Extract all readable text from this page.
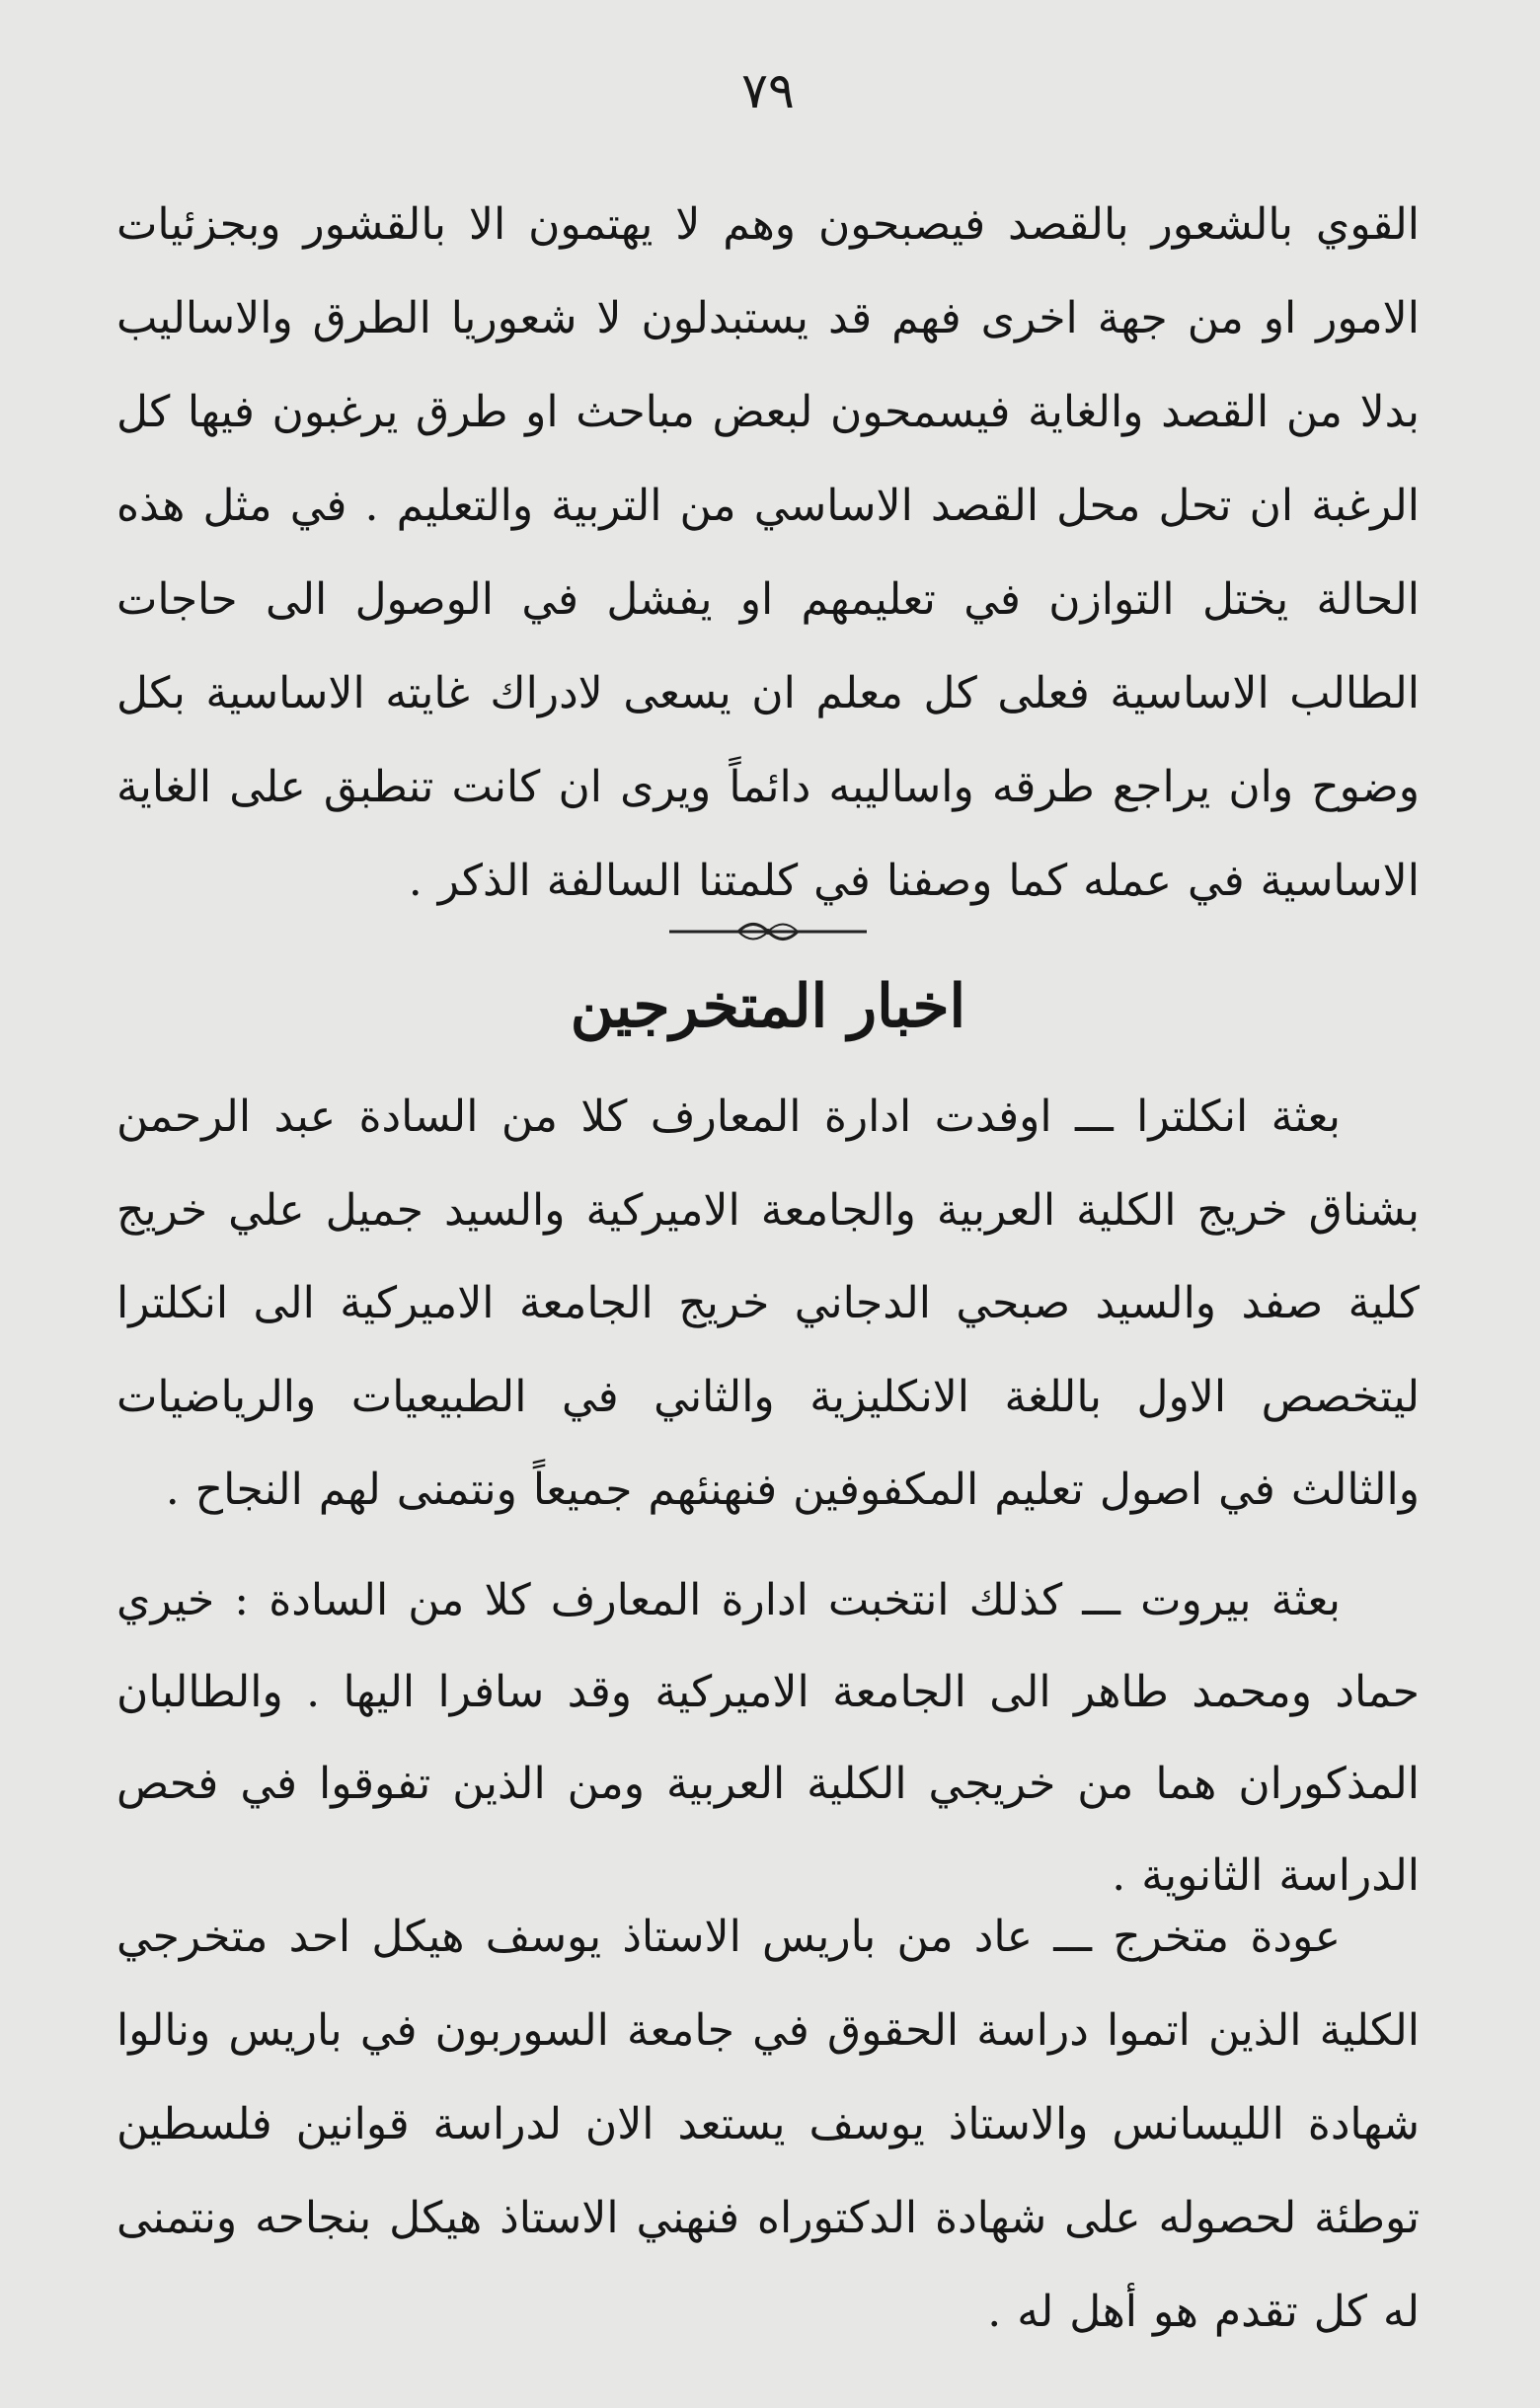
٧٩

القوي بالشعور بالقصد فيصبحون وهم لا يهتمون الا بالقشور وبجزئيات الامور او من جهة اخرى فهم قد يستبدلون لا شعوريا الطرق والاساليب بدلا من القصد والغاية فيسمحون لبعض مباحث او طرق يرغبون فيها كل الرغبة ان تحل محل القصد الاساسي من التربية والتعليم . في مثل هذه الحالة يختل التوازن في تعليمهم او يفشل في الوصول الى حاجات الطالب الاساسية فعلى كل معلم ان يسعى لادراك غايته الاساسية بكل وضوح وان يراجع طرقه واساليبه دائماً ويرى ان كانت تنطبق على الغاية الاساسية في عمله كما وصفنا في كلمتنا السالفة الذكر .

اخبار المتخرجين

بعثة انكلترا ـــ اوفدت ادارة المعارف كلا من السادة عبد الرحمن بشناق خريج الكلية العربية والجامعة الاميركية والسيد جميل علي خريج كلية صفد والسيد صبحي الدجاني خريج الجامعة الاميركية الى انكلترا ليتخصص الاول باللغة الانكليزية والثاني في الطبيعيات والرياضيات والثالث في اصول تعليم المكفوفين فنهنئهم جميعاً ونتمنى لهم النجاح .

بعثة بيروت ـــ كذلك انتخبت ادارة المعارف كلا من السادة : خيري حماد ومحمد طاهر الى الجامعة الاميركية وقد سافرا اليها . والطالبان المذكوران هما من خريجي الكلية العربية ومن الذين تفوقوا في فحص الدراسة الثانوية .

عودة متخرج ـــ عاد من باريس الاستاذ يوسف هيكل احد متخرجي الكلية الذين اتموا دراسة الحقوق في جامعة السوربون في باريس ونالوا شهادة الليسانس والاستاذ يوسف يستعد الان لدراسة قوانين فلسطين توطئة لحصوله على شهادة الدكتوراه فنهني الاستاذ هيكل بنجاحه ونتمنى له كل تقدم هو أهل له .
